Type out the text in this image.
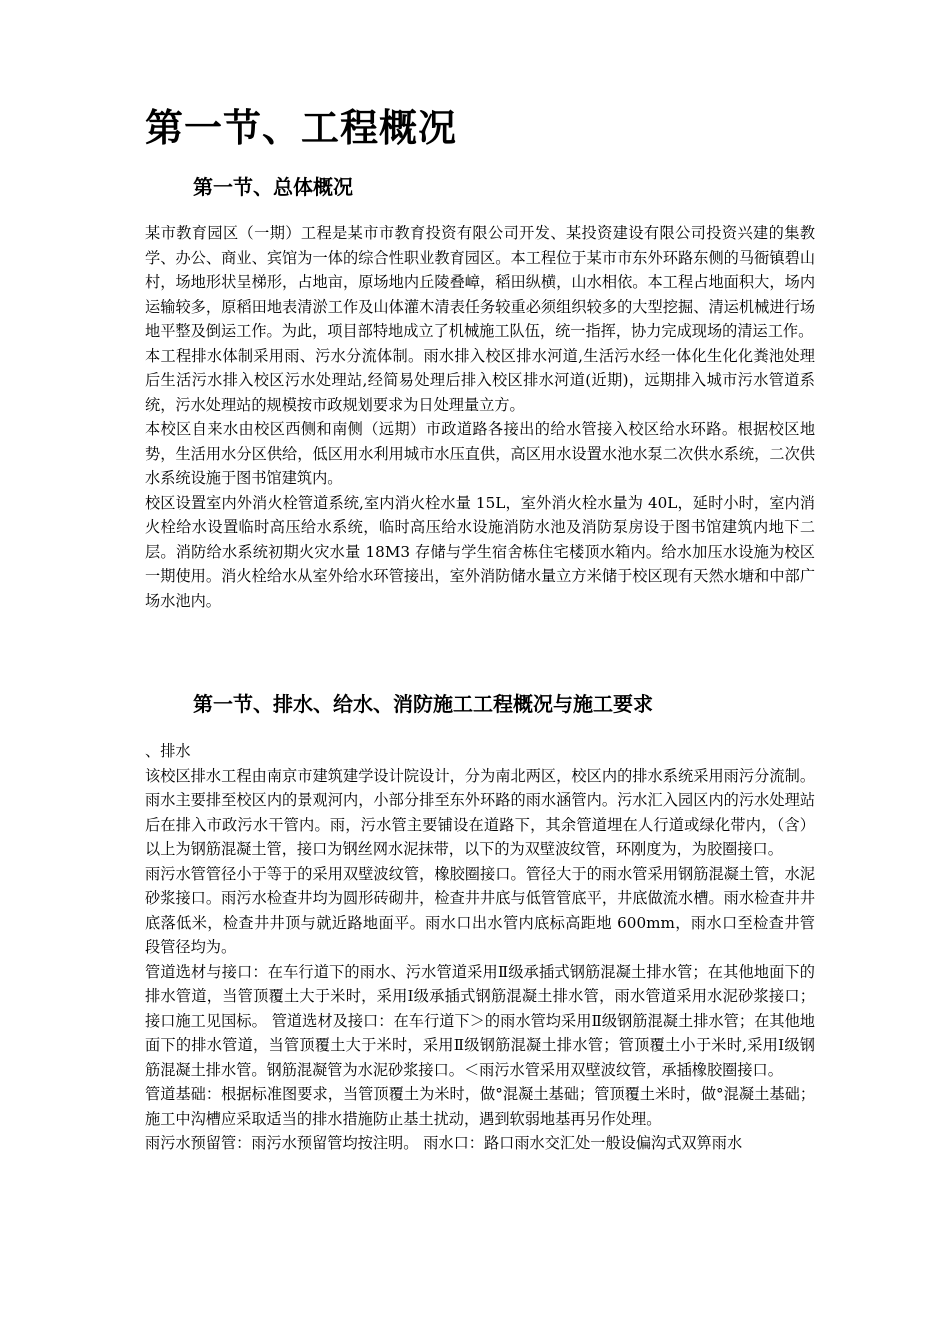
第一节、工程概况
第一节、总体概况

某市教育园区（一期）工程是某市市教育投资有限公司开发、某投资建设有限公司投资兴建的集教学、办公、商业、宾馆为一体的综合性职业教育园区。本工程位于某市市东外环路东侧的马衙镇碧山村，场地形状呈梯形，占地亩，原场地内丘陵叠嶂，稻田纵横，山水相依。本工程占地面积大，场内运输较多，原稻田地表清淤工作及山体灌木清表任务较重必须组织较多的大型挖掘、清运机械进行场地平整及倒运工作。为此，项目部特地成立了机械施工队伍，统一指挥，协力完成现场的清运工作。

本工程排水体制采用雨、污水分流体制。雨水排入校区排水河道,生活污水经一体化生化化粪池处理后生活污水排入校区污水处理站,经简易处理后排入校区排水河道(近期)，远期排入城市污水管道系统，污水处理站的规模按市政规划要求为日处理量立方。

本校区自来水由校区西侧和南侧（远期）市政道路各接出的给水管接入校区给水环路。根据校区地势，生活用水分区供给，低区用水利用城市水压直供，高区用水设置水池水泵二次供水系统，二次供水系统设施于图书馆建筑内。

校区设置室内外消火栓管道系统,室内消火栓水量 15L，室外消火栓水量为 40L，延时小时，室内消火栓给水设置临时高压给水系统，临时高压给水设施消防水池及消防泵房设于图书馆建筑内地下二层。消防给水系统初期火灾水量 18M3 存储与学生宿舍栋住宅楼顶水箱内。给水加压水设施为校区一期使用。消火栓给水从室外给水环管接出，室外消防储水量立方米储于校区现有天然水塘和中部广场水池内。

第一节、排水、给水、消防施工工程概况与施工要求

、排水

该校区排水工程由南京市建筑建学设计院设计，分为南北两区，校区内的排水系统采用雨污分流制。雨水主要排至校区内的景观河内，小部分排至东外环路的雨水涵管内。污水汇入园区内的污水处理站后在排入市政污水干管内。雨，污水管主要铺设在道路下，其余管道埋在人行道或绿化带内，（含）以上为钢筋混凝土管，接口为钢丝网水泥抹带，以下的为双壁波纹管，环刚度为，为胶圈接口。

雨污水管管径小于等于的采用双壁波纹管，橡胶圈接口。管径大于的雨水管采用钢筋混凝土管，水泥砂浆接口。雨污水检查井均为圆形砖砌井，检查井井底与低管管底平，井底做流水槽。雨水检查井井底落低米，检查井井顶与就近路地面平。雨水口出水管内底标高距地 600mm，雨水口至检查井管段管径均为。

管道选材与接口：在车行道下的雨水、污水管道采用Ⅱ级承插式钢筋混凝土排水管；在其他地面下的排水管道，当管顶覆土大于米时，采用Ⅰ级承插式钢筋混凝土排水管，雨水管道采用水泥砂浆接口；接口施工见国标。 管道选材及接口：在车行道下＞的雨水管均采用Ⅱ级钢筋混凝土排水管；在其他地面下的排水管道，当管顶覆土大于米时，采用Ⅱ级钢筋混凝土排水管；管顶覆土小于米时,采用Ⅰ级钢筋混凝土排水管。钢筋混凝管为水泥砂浆接口。＜雨污水管采用双壁波纹管，承插橡胶圈接口。

管道基础：根据标准图要求，当管顶覆土为米时，做°混凝土基础；管顶覆土米时，做°混凝土基础；施工中沟槽应采取适当的排水措施防止基土扰动，遇到软弱地基再另作处理。

雨污水预留管：雨污水预留管均按注明。 雨水口：路口雨水交汇处一般设偏沟式双箅雨水
